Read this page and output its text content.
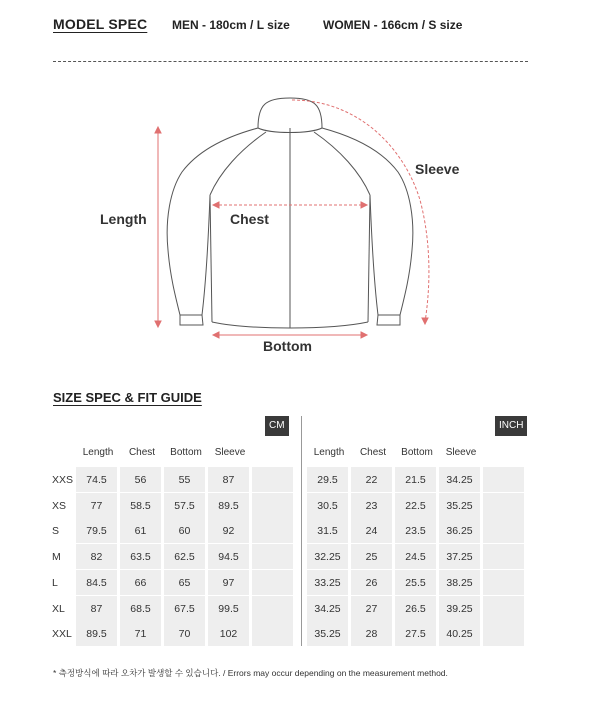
MODEL SPEC MEN - 180cm / L size	WOMEN - 166cm / S size
Length	Chest
Bottom
Sleeve
SIZE SPEC & FIT GUIDE
CM	INCH
Length	Chest	Bottom	Sleeve	Length	Chest	Bottom	Sleeve
XXS	74.5	56	55	87	29.5	22	21.5	34.25
XS	77	58.5	57.5	89.5	30.5	23	22.5	35.25
S	79.5	61	60	92	31.5	24	23.5	36.25
M	82	63.5	62.5	94.5	32.25	25	24.5	37.25
L	84.5	66	65	97	33.25	26	25.5	38.25
XL	87	68.5	67.5	99.5	34.25	27	26.5	39.25
XXL	89.5	71	70	102	35.25	28	27.5	40.25
* 측정방식에 따라 오차가 발생할 수 있습니다. / Errors may occur depending on the measurement method.
